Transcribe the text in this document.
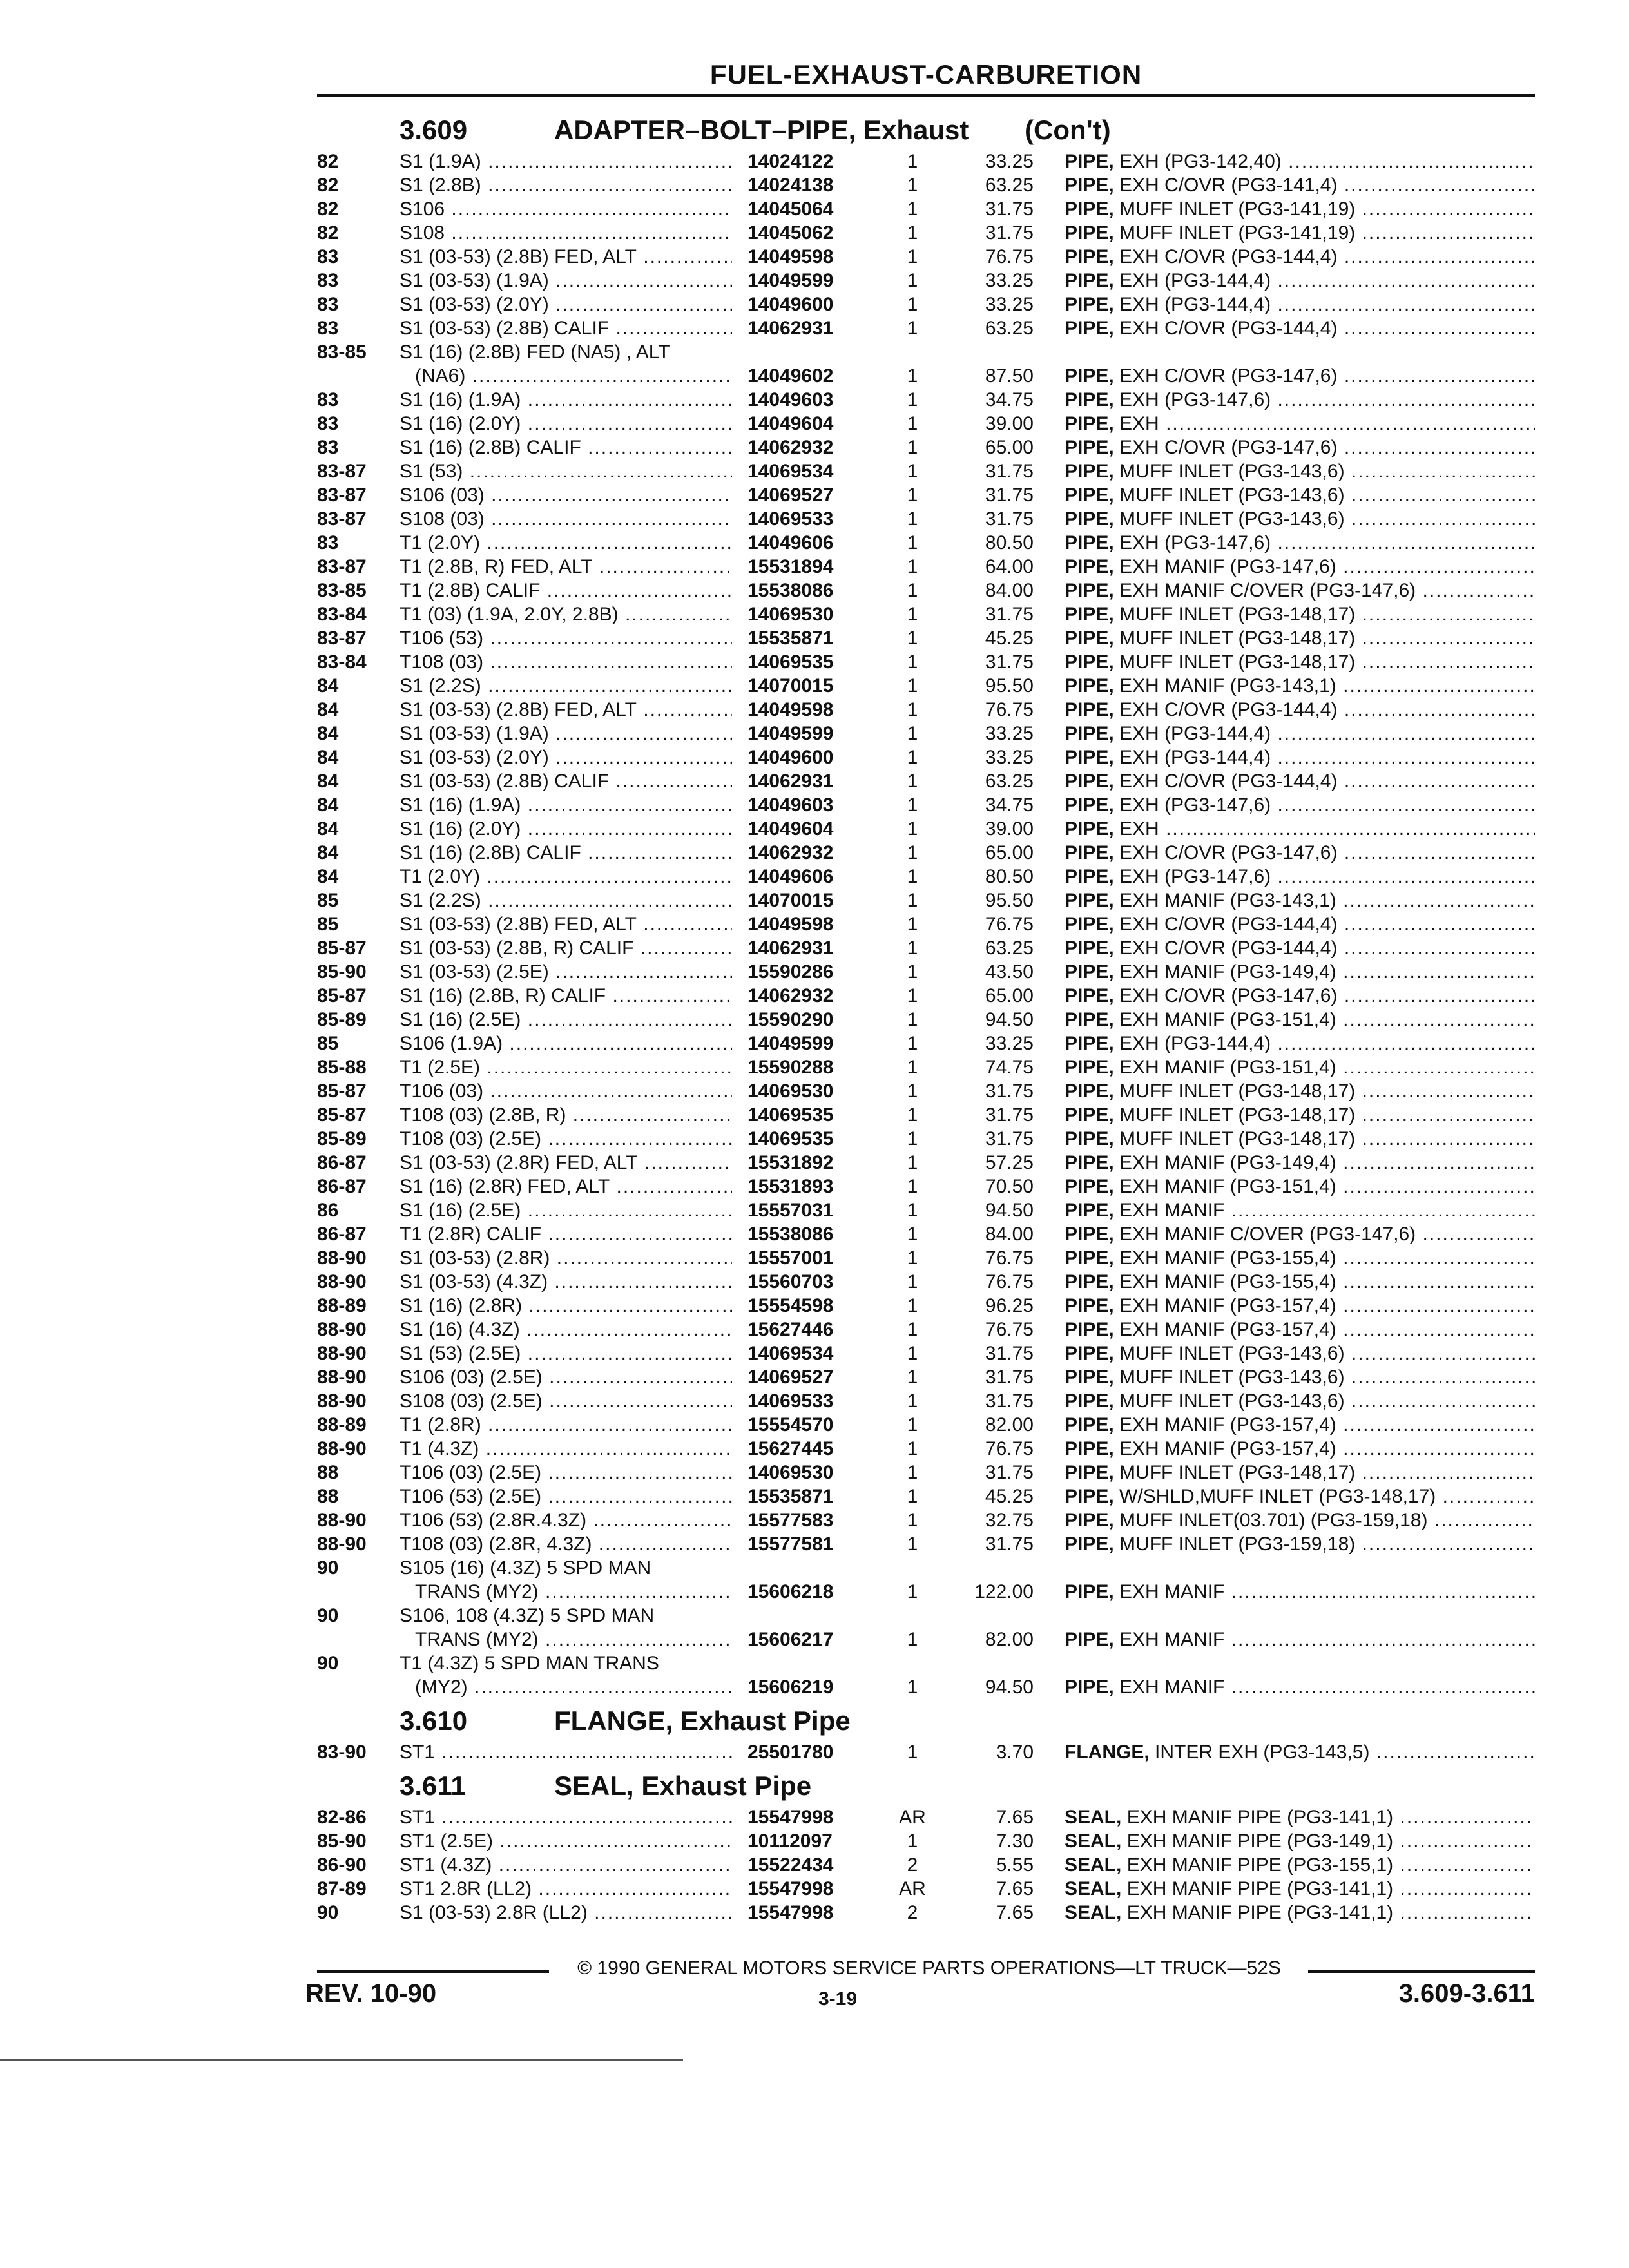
FUEL-EXHAUST-CARBURETION
3.609	ADAPTER–BOLT–PIPE, Exhaust (Con't)
82	S1 (1.9A) .....	14024122	1	33.25 PIPE, EXH (PG3-142,40) .....
82	S1 (2.8B) .....	14024138	1	63.25 PIPE, EXH C/OVR (PG3-141,4) .....
82	S106 .....	14045064	1	31.75 PIPE, MUFF INLET (PG3-141,19) .....
82	S108 .....	14045062	1	31.75 PIPE, MUFF INLET (PG3-141,19) .....
83	S1 (03-53) (2.8B) FED, ALT .....	14049598	1	76.75 PIPE, EXH C/OVR (PG3-144,4) .....
83	S1 (03-53) (1.9A) .....	14049599	1	33.25 PIPE, EXH (PG3-144,4) .....
83	S1 (03-53) (2.0Y) .....	14049600	1	33.25 PIPE, EXH (PG3-144,4) .....
83	S1 (03-53) (2.8B) CALIF .....	14062931	1	63.25 PIPE, EXH C/OVR (PG3-144,4) .....
83-85 S1 (16) (2.8B) FED (NA5) , ALT
(NA6) .....	14049602	1	87.50 PIPE, EXH C/OVR (PG3-147,6) .....
83	S1 (16) (1.9A) .....	14049603	1	34.75 PIPE, EXH (PG3-147,6) .....
83	S1 (16) (2.0Y) .....	14049604	1	39.00 PIPE, EXH .....
83	S1 (16) (2.8B) CALIF .....	14062932	1	65.00 PIPE, EXH C/OVR (PG3-147,6) .....
83-87 S1 (53) .....	14069534	1	31.75 PIPE, MUFF INLET (PG3-143,6) .....
83-87 S106 (03) .....	14069527	1	31.75 PIPE, MUFF INLET (PG3-143,6) .....
83-87 S108 (03) .....	14069533	1	31.75 PIPE, MUFF INLET (PG3-143,6) .....
83	T1 (2.0Y) .....	14049606	1	80.50 PIPE, EXH (PG3-147,6) .....
83-87 T1 (2.8B, R) FED, ALT .....	15531894	1	64.00 PIPE, EXH MANIF (PG3-147,6) .....
83-85 T1 (2.8B) CALIF .....	15538086	1	84.00 PIPE, EXH MANIF C/OVER (PG3-147,6) .....
83-84 T1 (03) (1.9A, 2.0Y, 2.8B) .....	14069530	1	31.75 PIPE, MUFF INLET (PG3-148,17) .....
83-87 T106 (53) .....	15535871	1	45.25 PIPE, MUFF INLET (PG3-148,17) .....
83-84 T108 (03) .....	14069535	1	31.75 PIPE, MUFF INLET (PG3-148,17) .....
84	S1 (2.2S) .....	14070015	1	95.50 PIPE, EXH MANIF (PG3-143,1) .....
84	S1 (03-53) (2.8B) FED, ALT .....	14049598	1	76.75 PIPE, EXH C/OVR (PG3-144,4) .....
84	S1 (03-53) (1.9A) .....	14049599	1	33.25 PIPE, EXH (PG3-144,4) .....
84	S1 (03-53) (2.0Y) .....	14049600	1	33.25 PIPE, EXH (PG3-144,4) .....
84	S1 (03-53) (2.8B) CALIF .....	14062931	1	63.25 PIPE, EXH C/OVR (PG3-144,4) .....
84	S1 (16) (1.9A) .....	14049603	1	34.75 PIPE, EXH (PG3-147,6) .....
84	S1 (16) (2.0Y) .....	14049604	1	39.00 PIPE, EXH .....
84	S1 (16) (2.8B) CALIF .....	14062932	1	65.00 PIPE, EXH C/OVR (PG3-147,6) .....
84	T1 (2.0Y) .....	14049606	1	80.50 PIPE, EXH (PG3-147,6) .....
85	S1 (2.2S) .....	14070015	1	95.50 PIPE, EXH MANIF (PG3-143,1) .....
85	S1 (03-53) (2.8B) FED, ALT .....	14049598	1	76.75 PIPE, EXH C/OVR (PG3-144,4) .....
85-87 S1 (03-53) (2.8B, R) CALIF .....	14062931	1	63.25 PIPE, EXH C/OVR (PG3-144,4) .....
85-90 S1 (03-53) (2.5E) .....	15590286	1	43.50 PIPE, EXH MANIF (PG3-149,4) .....
85-87 S1 (16) (2.8B, R) CALIF .....	14062932	1	65.00 PIPE, EXH C/OVR (PG3-147,6) .....
85-89 S1 (16) (2.5E) .....	15590290	1	94.50 PIPE, EXH MANIF (PG3-151,4) .....
85	S106 (1.9A) .....	14049599	1	33.25 PIPE, EXH (PG3-144,4) .....
85-88 T1 (2.5E) .....	15590288	1	74.75 PIPE, EXH MANIF (PG3-151,4) .....
85-87 T106 (03) .....	14069530	1	31.75 PIPE, MUFF INLET (PG3-148,17) .....
85-87 T108 (03) (2.8B, R) .....	14069535	1	31.75 PIPE, MUFF INLET (PG3-148,17) .....
85-89 T108 (03) (2.5E) .....	14069535	1	31.75 PIPE, MUFF INLET (PG3-148,17) .....
86-87 S1 (03-53) (2.8R) FED, ALT .....	15531892	1	57.25 PIPE, EXH MANIF (PG3-149,4) .....
86-87 S1 (16) (2.8R) FED, ALT .....	15531893	1	70.50 PIPE, EXH MANIF (PG3-151,4) .....
86	S1 (16) (2.5E) .....	15557031	1	94.50 PIPE, EXH MANIF .....
86-87 T1 (2.8R) CALIF .....	15538086	1	84.00 PIPE, EXH MANIF C/OVER (PG3-147,6) .....
88-90 S1 (03-53) (2.8R) .....	15557001	1	76.75 PIPE, EXH MANIF (PG3-155,4) .....
88-90 S1 (03-53) (4.3Z) .....	15560703	1	76.75 PIPE, EXH MANIF (PG3-155,4) .....
88-89 S1 (16) (2.8R) .....	15554598	1	96.25 PIPE, EXH MANIF (PG3-157,4) .....
88-90 S1 (16) (4.3Z) .....	15627446	1	76.75 PIPE, EXH MANIF (PG3-157,4) .....
88-90 S1 (53) (2.5E) .....	14069534	1	31.75 PIPE, MUFF INLET (PG3-143,6) .....
88-90 S106 (03) (2.5E) .....	14069527	1	31.75 PIPE, MUFF INLET (PG3-143,6) .....
88-90 S108 (03) (2.5E) .....	14069533	1	31.75 PIPE, MUFF INLET (PG3-143,6) .....
88-89 T1 (2.8R) .....	15554570	1	82.00 PIPE, EXH MANIF (PG3-157,4) .....
88-90 T1 (4.3Z) .....	15627445	1	76.75 PIPE, EXH MANIF (PG3-157,4) .....
88	T106 (03) (2.5E) .....	14069530	1	31.75 PIPE, MUFF INLET (PG3-148,17) .....
88	T106 (53) (2.5E) .....	15535871	1	45.25 PIPE, W/SHLD,MUFF INLET (PG3-148,17) .....
88-90 T106 (53) (2.8R.4.3Z) .....	15577583	1	32.75 PIPE, MUFF INLET(03.701) (PG3-159,18) .....
88-90 T108 (03) (2.8R, 4.3Z) .....	15577581	1	31.75 PIPE, MUFF INLET (PG3-159,18) .....
90	S105 (16) (4.3Z) 5 SPD MAN
TRANS (MY2) .....	15606218	1	122.00 PIPE, EXH MANIF .....
90	S106, 108 (4.3Z) 5 SPD MAN
TRANS (MY2) .....	15606217	1	82.00 PIPE, EXH MANIF .....
90	T1 (4.3Z) 5 SPD MAN TRANS
(MY2) .....	15606219	1	94.50 PIPE, EXH MANIF .....
3.610	FLANGE, Exhaust Pipe
83-90 ST1 .....	25501780	1	3.70 FLANGE, INTER EXH (PG3-143,5) .....
3.611	SEAL, Exhaust Pipe
82-86 ST1 .....	15547998	AR	7.65 SEAL, EXH MANIF PIPE (PG3-141,1) .....
85-90 ST1 (2.5E) .....	10112097	1	7.30 SEAL, EXH MANIF PIPE (PG3-149,1) .....
86-90 ST1 (4.3Z) .....	15522434	2	5.55 SEAL, EXH MANIF PIPE (PG3-155,1) .....
87-89 ST1 2.8R (LL2) .....	15547998	AR	7.65 SEAL, EXH MANIF PIPE (PG3-141,1) .....
90	S1 (03-53) 2.8R (LL2) .....	15547998	2	7.65 SEAL, EXH MANIF PIPE (PG3-141,1) .....
© 1990 GENERAL MOTORS SERVICE PARTS OPERATIONS—LT TRUCK—52S
REV. 10-90	3-19	3.609-3.611
